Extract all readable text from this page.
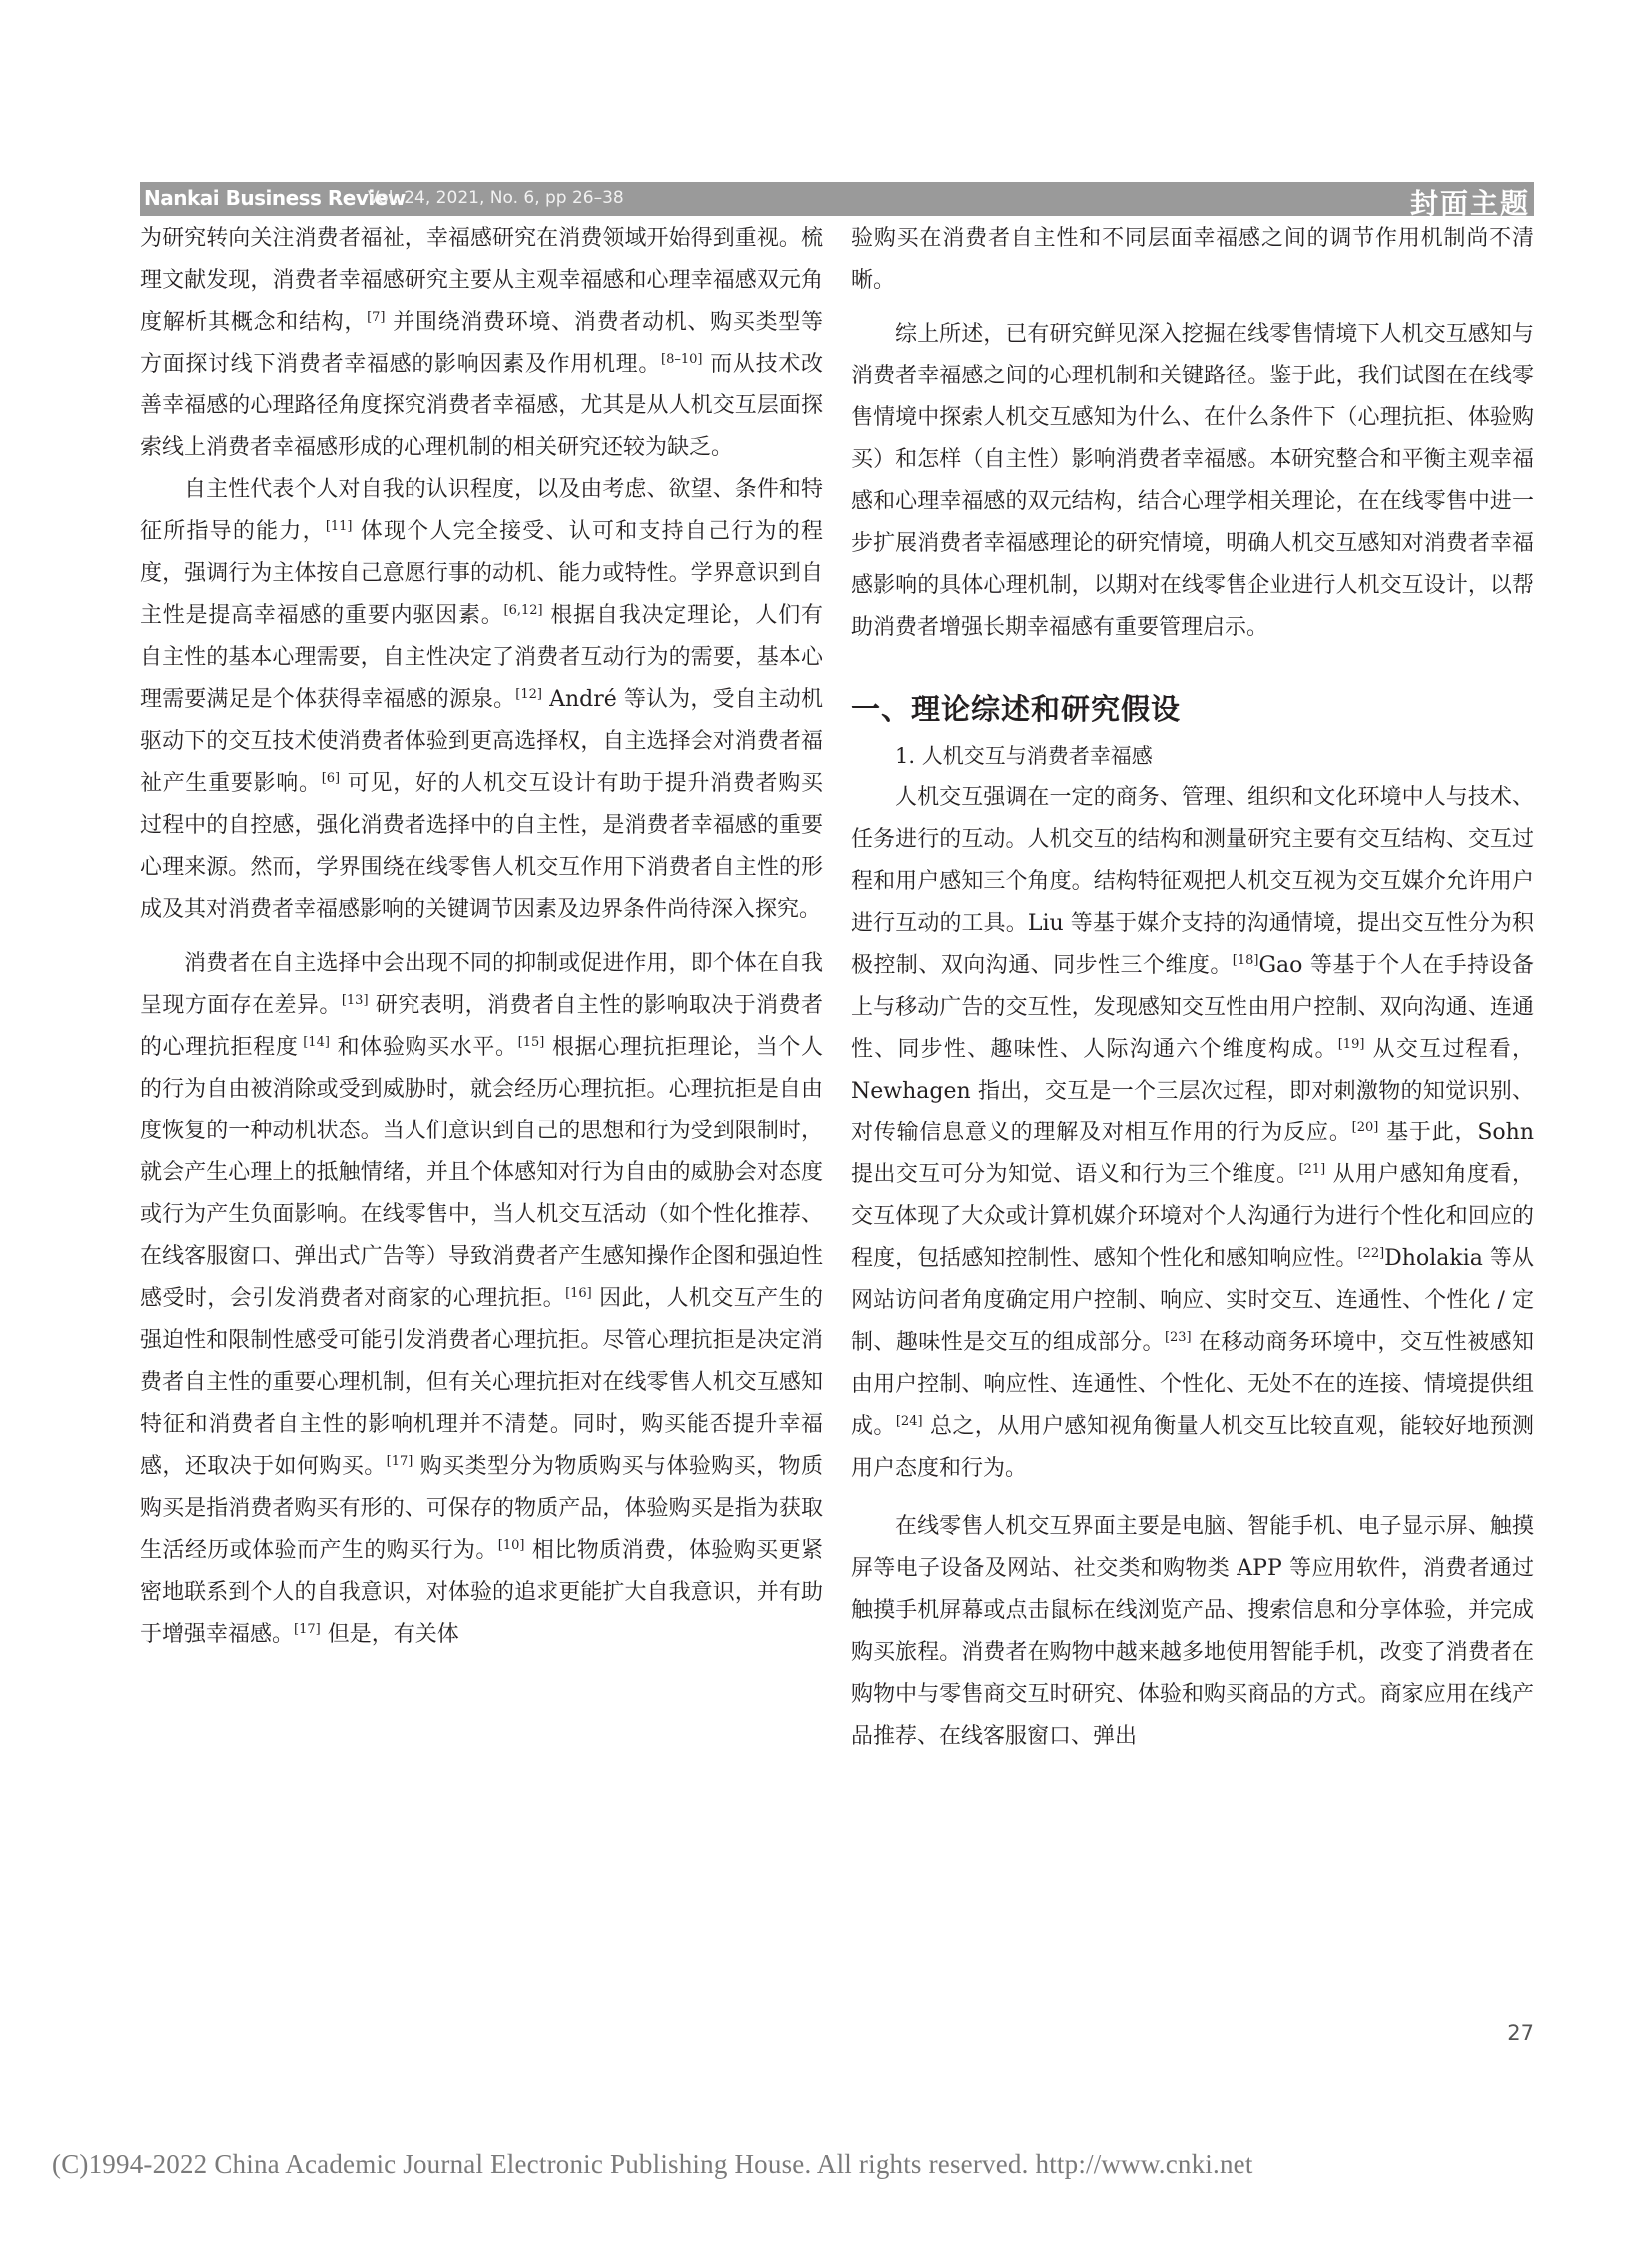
Nankai Business Review
Vol. 24, 2021, No. 6, pp 26–38	封面主题

为研究转向关注消费者福祉，幸福感研究在消费领域开始得到重视。梳理文献发现，消费者幸福感研究主要从主观幸福感和心理幸福感双元角度解析其概念和结构，[7] 并围绕消费环境、消费者动机、购买类型等方面探讨线下消费者幸福感的影响因素及作用机理。[8–10] 而从技术改善幸福感的心理路径角度探究消费者幸福感，尤其是从人机交互层面探索线上消费者幸福感形成的心理机制的相关研究还较为缺乏。

自主性代表个人对自我的认识程度，以及由考虑、欲望、条件和特征所指导的能力，[11] 体现个人完全接受、认可和支持自己行为的程度，强调行为主体按自己意愿行事的动机、能力或特性。学界意识到自主性是提高幸福感的重要内驱因素。[6,12] 根据自我决定理论，人们有自主性的基本心理需要，自主性决定了消费者互动行为的需要，基本心理需要满足是个体获得幸福感的源泉。[12] André 等认为，受自主动机驱动下的交互技术使消费者体验到更高选择权，自主选择会对消费者福祉产生重要影响。[6] 可见，好的人机交互设计有助于提升消费者购买过程中的自控感，强化消费者选择中的自主性，是消费者幸福感的重要心理来源。然而，学界围绕在线零售人机交互作用下消费者自主性的形成及其对消费者幸福感影响的关键调节因素及边界条件尚待深入探究。

消费者在自主选择中会出现不同的抑制或促进作用，即个体在自我呈现方面存在差异。[13] 研究表明，消费者自主性的影响取决于消费者的心理抗拒程度 [14] 和体验购买水平。[15] 根据心理抗拒理论，当个人的行为自由被消除或受到威胁时，就会经历心理抗拒。心理抗拒是自由度恢复的一种动机状态。当人们意识到自己的思想和行为受到限制时，就会产生心理上的抵触情绪，并且个体感知对行为自由的威胁会对态度或行为产生负面影响。在线零售中，当人机交互活动（如个性化推荐、在线客服窗口、弹出式广告等）导致消费者产生感知操作企图和强迫性感受时，会引发消费者对商家的心理抗拒。[16] 因此，人机交互产生的强迫性和限制性感受可能引发消费者心理抗拒。尽管心理抗拒是决定消费者自主性的重要心理机制，但有关心理抗拒对在线零售人机交互感知特征和消费者自主性的影响机理并不清楚。同时，购买能否提升幸福感，还取决于如何购买。[17] 购买类型分为物质购买与体验购买，物质购买是指消费者购买有形的、可保存的物质产品，体验购买是指为获取生活经历或体验而产生的购买行为。[10] 相比物质消费，体验购买更紧密地联系到个人的自我意识，对体验的追求更能扩大自我意识，并有助于增强幸福感。[17] 但是，有关体

验购买在消费者自主性和不同层面幸福感之间的调节作用机制尚不清晰。

综上所述，已有研究鲜见深入挖掘在线零售情境下人机交互感知与消费者幸福感之间的心理机制和关键路径。鉴于此，我们试图在在线零售情境中探索人机交互感知为什么、在什么条件下（心理抗拒、体验购买）和怎样（自主性）影响消费者幸福感。本研究整合和平衡主观幸福感和心理幸福感的双元结构，结合心理学相关理论，在在线零售中进一步扩展消费者幸福感理论的研究情境，明确人机交互感知对消费者幸福感影响的具体心理机制，以期对在线零售企业进行人机交互设计，以帮助消费者增强长期幸福感有重要管理启示。

一、理论综述和研究假设
1. 人机交互与消费者幸福感

人机交互强调在一定的商务、管理、组织和文化环境中人与技术、任务进行的互动。人机交互的结构和测量研究主要有交互结构、交互过程和用户感知三个角度。结构特征观把人机交互视为交互媒介允许用户进行互动的工具。Liu 等基于媒介支持的沟通情境，提出交互性分为积极控制、双向沟通、同步性三个维度。[18]Gao 等基于个人在手持设备上与移动广告的交互性，发现感知交互性由用户控制、双向沟通、连通性、同步性、趣味性、人际沟通六个维度构成。[19] 从交互过程看，Newhagen 指出，交互是一个三层次过程，即对刺激物的知觉识别、对传输信息意义的理解及对相互作用的行为反应。[20] 基于此，Sohn 提出交互可分为知觉、语义和行为三个维度。[21] 从用户感知角度看，交互体现了大众或计算机媒介环境对个人沟通行为进行个性化和回应的程度，包括感知控制性、感知个性化和感知响应性。[22]Dholakia 等从网站访问者角度确定用户控制、响应、实时交互、连通性、个性化 / 定制、趣味性是交互的组成部分。[23] 在移动商务环境中，交互性被感知由用户控制、响应性、连通性、个性化、无处不在的连接、情境提供组成。[24] 总之，从用户感知视角衡量人机交互比较直观，能较好地预测用户态度和行为。

在线零售人机交互界面主要是电脑、智能手机、电子显示屏、触摸屏等电子设备及网站、社交类和购物类 APP 等应用软件，消费者通过触摸手机屏幕或点击鼠标在线浏览产品、搜索信息和分享体验，并完成购买旅程。消费者在购物中越来越多地使用智能手机，改变了消费者在购物中与零售商交互时研究、体验和购买商品的方式。商家应用在线产品推荐、在线客服窗口、弹出

27
(C)1994-2022 China Academic Journal Electronic Publishing House. All rights reserved. http://www.cnki.net
